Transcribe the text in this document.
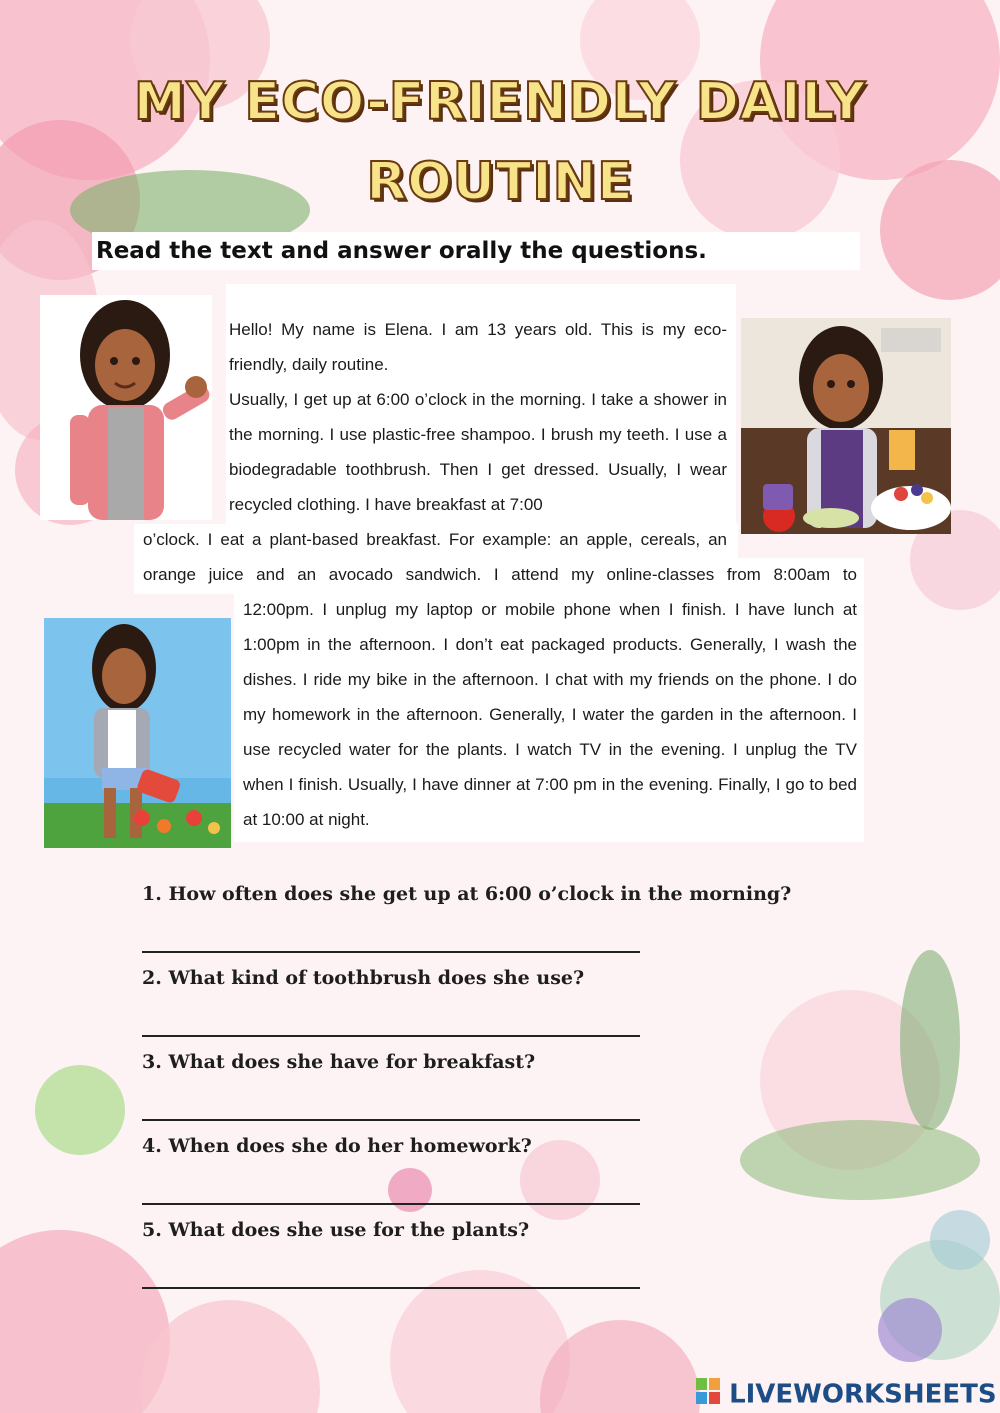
MY ECO-FRIENDLY DAILY
ROUTINE
Read the text and answer orally the questions.
Hello! My name is Elena. I am 13 years old. This is my eco-friendly, daily routine.
Usually, I get up at 6:00 o’clock in the morning. I take a shower in the morning. I use plastic-free shampoo. I brush my teeth. I use a biodegradable toothbrush. Then I get dressed. Usually, I wear recycled clothing. I have breakfast at 7:00
o’clock. I eat a plant-based breakfast. For example: an apple, cereals, an
orange juice and an avocado sandwich. I attend my online-classes from 8:00am to
12:00pm. I unplug my laptop or mobile phone when I finish. I have lunch at 1:00pm in the afternoon. I don’t eat packaged products. Generally, I wash the dishes. I ride my bike in the afternoon. I chat with my friends on the phone. I do my homework in the afternoon. Generally, I water the garden in the afternoon. I use recycled water for the plants. I watch TV in the evening. I unplug the TV when I finish. Usually, I have dinner at 7:00 pm in the evening. Finally, I go to bed at 10:00 at night.
1. How often does she get up at 6:00 o’clock in the morning?
2. What kind of toothbrush does she use?
3. What does she have for breakfast?
4. When does she do her homework?
5. What does she use for the plants?
LIVEWORKSHEETS
